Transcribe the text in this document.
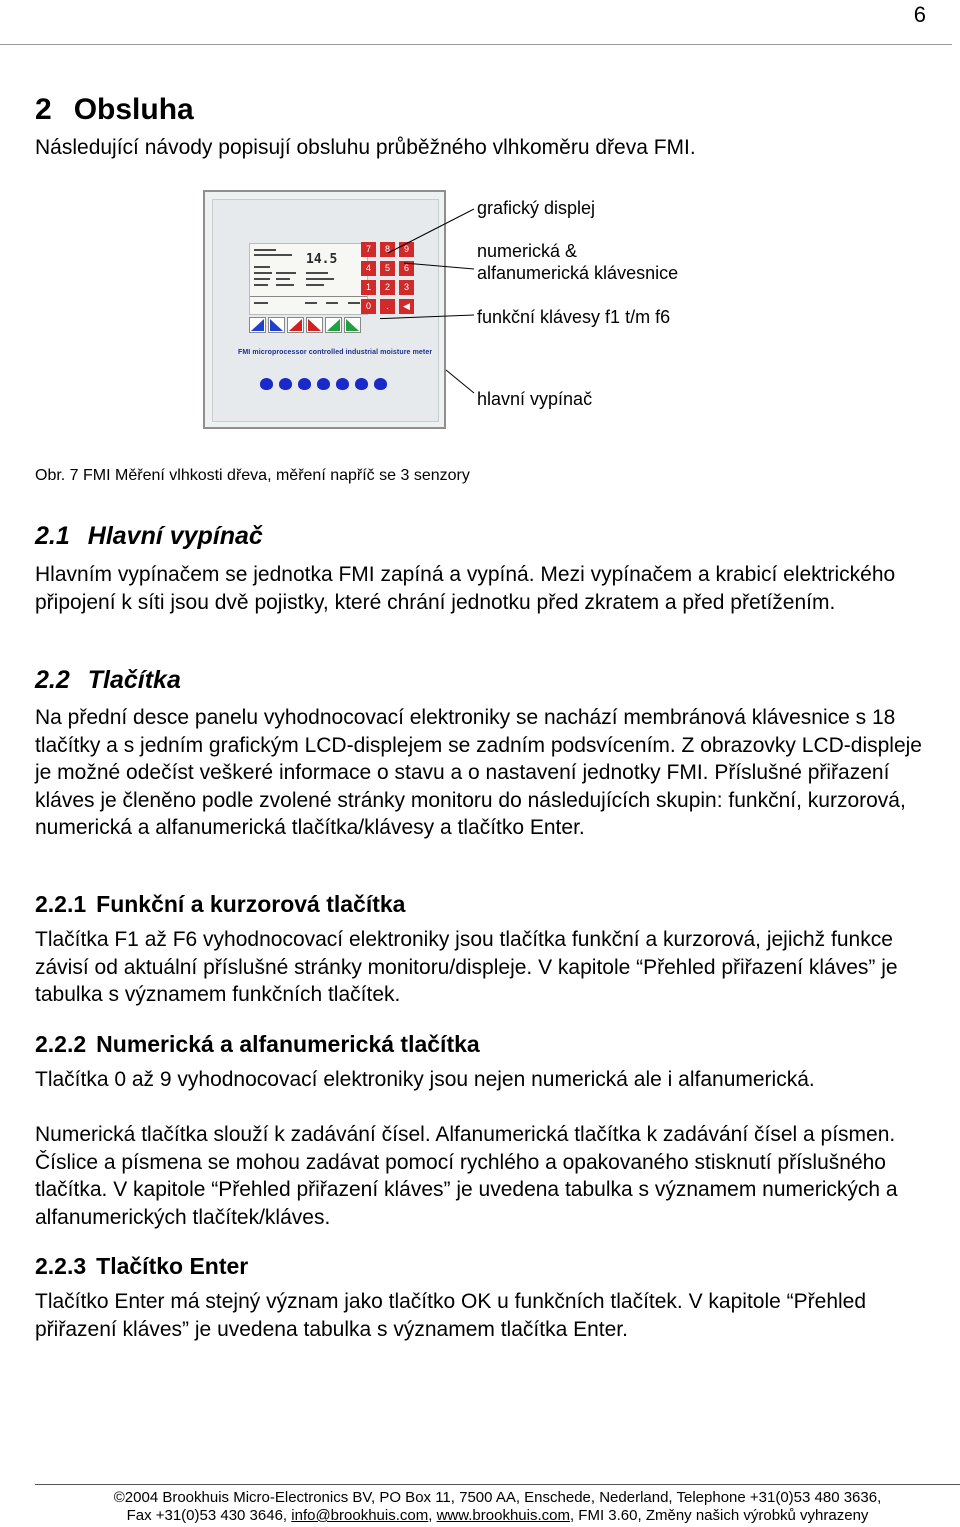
6
2 Obsluha
Následující návody popisují obsluhu průběžného vlhkoměru dřeva FMI.
14.5
7	8	9
4	5	6
1	2	3
0	.	◀
FMI microprocessor controlled industrial moisture meter
grafický displej
numerická &
alfanumerická klávesnice
funkční klávesy f1 t/m f6
hlavní vypínač
Obr. 7 FMI Měření vlhkosti dřeva, měření napříč se 3 senzory
2.1 Hlavní vypínač
Hlavním vypínačem se jednotka FMI zapíná a vypíná. Mezi vypínačem a krabicí elektrického připojení k síti jsou dvě pojistky, které chrání jednotku před zkratem a před přetížením.
2.2 Tlačítka
Na přední desce panelu vyhodnocovací elektroniky se nachází membránová klávesnice s 18 tlačítky a s jedním grafickým LCD-displejem se zadním podsvícením. Z obrazovky LCD-displeje je možné odečíst veškeré informace o stavu a o nastavení jednotky FMI. Příslušné přiřazení kláves je členěno podle zvolené stránky monitoru do následujících skupin: funkční, kurzorová, numerická a alfanumerická tlačítka/klávesy a tlačítko Enter.
2.2.1 Funkční a kurzorová tlačítka
Tlačítka F1 až F6 vyhodnocovací elektroniky jsou tlačítka funkční a kurzorová, jejichž funkce závisí od aktuální příslušné stránky monitoru/displeje. V kapitole “Přehled přiřazení kláves” je tabulka s významem funkčních tlačítek.
2.2.2 Numerická a alfanumerická tlačítka
Tlačítka 0 až 9 vyhodnocovací elektroniky jsou nejen numerická ale i alfanumerická.
Numerická tlačítka slouží k zadávání čísel. Alfanumerická tlačítka k zadávání čísel a písmen. Číslice a písmena se mohou zadávat pomocí rychlého a opakovaného stisknutí příslušného tlačítka. V kapitole “Přehled přiřazení kláves” je uvedena tabulka s významem numerických a alfanumerických tlačítek/kláves.
2.2.3 Tlačítko Enter
Tlačítko Enter má stejný význam jako tlačítko OK u funkčních tlačítek. V kapitole “Přehled přiřazení kláves” je uvedena tabulka s významem tlačítka Enter.
©2004 Brookhuis Micro-Electronics BV, PO Box 11, 7500 AA, Enschede, Nederland, Telephone +31(0)53 480 3636,
Fax +31(0)53 430 3646, info@brookhuis.com, www.brookhuis.com, FMI 3.60, Změny našich výrobků vyhrazeny
